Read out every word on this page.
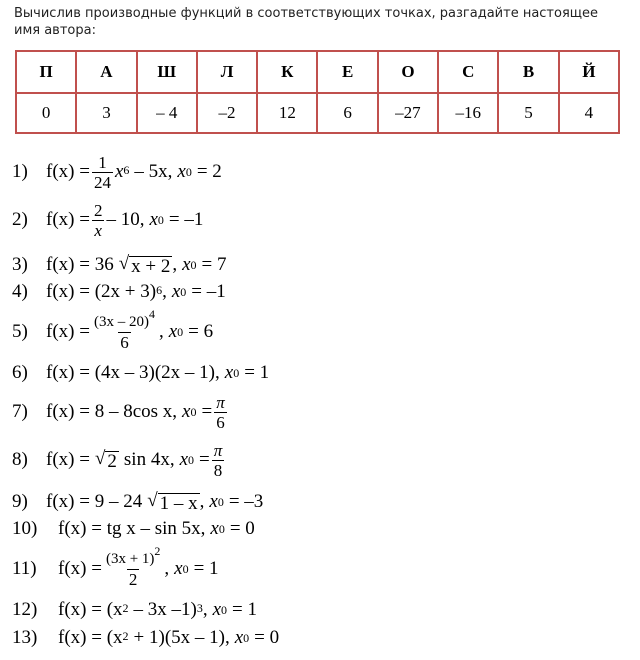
Вычислив производные функций в соответствующих точках, разгадайте настоящее имя автора:
П	А	Ш	Л	К	Е	О	С	В	Й
0	3	– 4	–2	12	6	–27	–16	5	4
1) $f(x) = \frac{1}{24} x^6 - 5x$, x 0 = 2
2) $f(x) = \frac{2}{x} - 10$, x 0 = –1
3) f(x) = 36 √ x + 2 , x 0 = 7
4) $f(x) = (2x + 3)^6$ , x 0 = –1
5) $f(x) = \frac{(3x - 20)^4}{6}$ , x 0 = 6
6) f(x) = (4x – 3)(2x – 1), x 0 = 1
7) f(x) = 8 – 8cos x, x $0 = \frac{\pi}{6}$
8) f(x) = √ 2 sin 4x, x $0 = \frac{\pi}{8}$
9) f(x) = 9 – 24 √ 1 – x , x 0 = –3
10)	f(x) = tg x – sin 5x, x 0 = 0
11)	$f(x) = \frac{(3x + 1)^2}{2}$ , x 0 = 1
12)	$f(x) = (x^2 - 3x$ –1)$^3$ , x 0 = 1
13)	$f(x) = (x^2 + 1)(5x - 1)$, x 0 = 0
